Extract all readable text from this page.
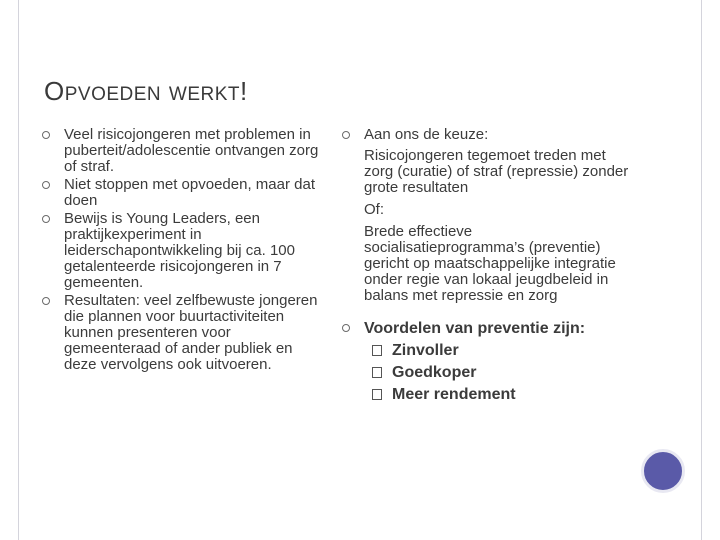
OPVOEDEN WERKT!
Veel risicojongeren met problemen in puberteit/adolescentie ontvangen zorg of straf.
Niet stoppen met opvoeden, maar dat doen
Bewijs is Young Leaders, een praktijkexperiment in leiderschapontwikkeling bij ca. 100 getalenteerde risicojongeren in 7 gemeenten.
Resultaten: veel zelfbewuste jongeren die plannen voor buurtactiviteiten kunnen presenteren voor gemeenteraad of ander publiek en deze vervolgens ook uitvoeren.
Aan ons de keuze:
Risicojongeren tegemoet treden met zorg (curatie) of straf (repressie) zonder grote resultaten
Of:
Brede effectieve socialisatieprogramma’s (preventie) gericht op maatschappelijke integratie onder regie van lokaal jeugdbeleid in balans met repressie en zorg
Voordelen van preventie zijn:
Zinvoller
Goedkoper
Meer rendement
